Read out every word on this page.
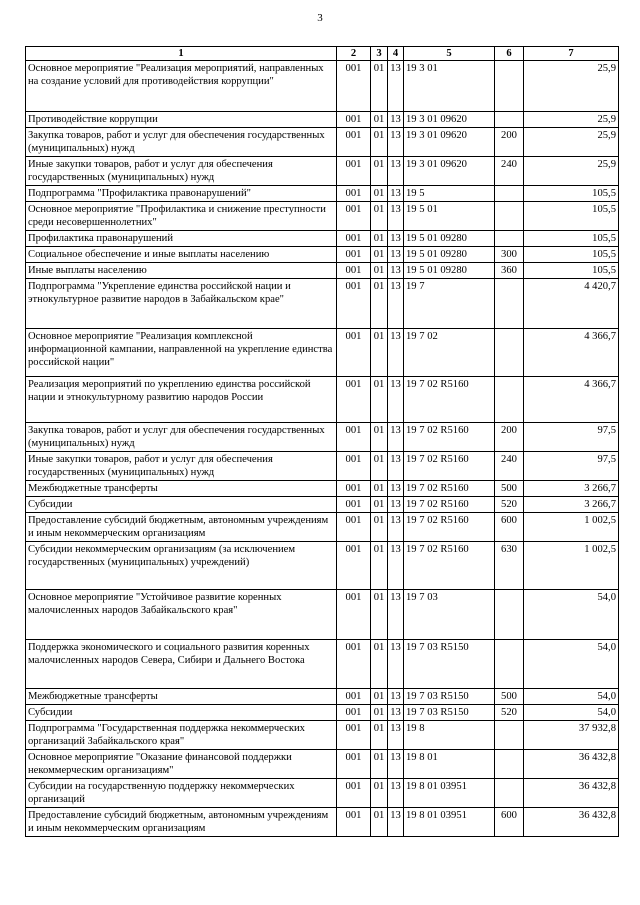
3
1	2	3	4	5	6	7
Основное мероприятие "Реализация мероприятий, направленных на создание условий для противодействия коррупции"	001	01	13	19 3 01		25,9
Противодействие коррупции	001	01	13	19 3 01 09620		25,9
Закупка товаров, работ и услуг для обеспечения государственных (муниципальных) нужд	001	01	13	19 3 01 09620	200	25,9
Иные закупки товаров, работ и услуг для обеспечения государственных (муниципальных) нужд	001	01	13	19 3 01 09620	240	25,9
Подпрограмма "Профилактика правонарушений"	001	01	13	19 5		105,5
Основное мероприятие "Профилактика и снижение преступности среди несовершеннолетних"	001	01	13	19 5 01		105,5
Профилактика правонарушений	001	01	13	19 5 01 09280		105,5
Социальное обеспечение и иные выплаты населению	001	01	13	19 5 01 09280	300	105,5
Иные выплаты населению	001	01	13	19 5 01 09280	360	105,5
Подпрограмма "Укрепление единства российской нации и этнокультурное развитие народов в Забайкальском крае"	001	01	13	19 7		4 420,7
Основное мероприятие "Реализация комплексной информационной кампании, направленной на укрепление единства российской нации"	001	01	13	19 7 02		4 366,7
Реализация мероприятий по укреплению единства российской нации и этнокультурному развитию народов России	001	01	13	19 7 02 R5160		4 366,7
Закупка товаров, работ и услуг для обеспечения государственных (муниципальных) нужд	001	01	13	19 7 02 R5160	200	97,5
Иные закупки товаров, работ и услуг для обеспечения государственных (муниципальных) нужд	001	01	13	19 7 02 R5160	240	97,5
Межбюджетные трансферты	001	01	13	19 7 02 R5160	500	3 266,7
Субсидии	001	01	13	19 7 02 R5160	520	3 266,7
Предоставление субсидий бюджетным, автономным учреждениям и иным некоммерческим организациям	001	01	13	19 7 02 R5160	600	1 002,5
Субсидии некоммерческим организациям (за исключением государственных (муниципальных) учреждений)	001	01	13	19 7 02 R5160	630	1 002,5
Основное мероприятие "Устойчивое развитие коренных малочисленных народов Забайкальского края"	001	01	13	19 7 03		54,0
Поддержка экономического и социального развития коренных малочисленных народов Севера, Сибири и Дальнего Востока	001	01	13	19 7 03 R5150		54,0
Межбюджетные трансферты	001	01	13	19 7 03 R5150	500	54,0
Субсидии	001	01	13	19 7 03 R5150	520	54,0
Подпрограмма "Государственная поддержка некоммерческих организаций Забайкальского края"	001	01	13	19 8		37 932,8
Основное мероприятие "Оказание финансовой поддержки некоммерческим организациям"	001	01	13	19 8 01		36 432,8
Субсидии на государственную поддержку некоммерческих организаций	001	01	13	19 8 01 03951		36 432,8
Предоставление субсидий бюджетным, автономным учреждениям и иным некоммерческим организациям	001	01	13	19 8 01 03951	600	36 432,8
